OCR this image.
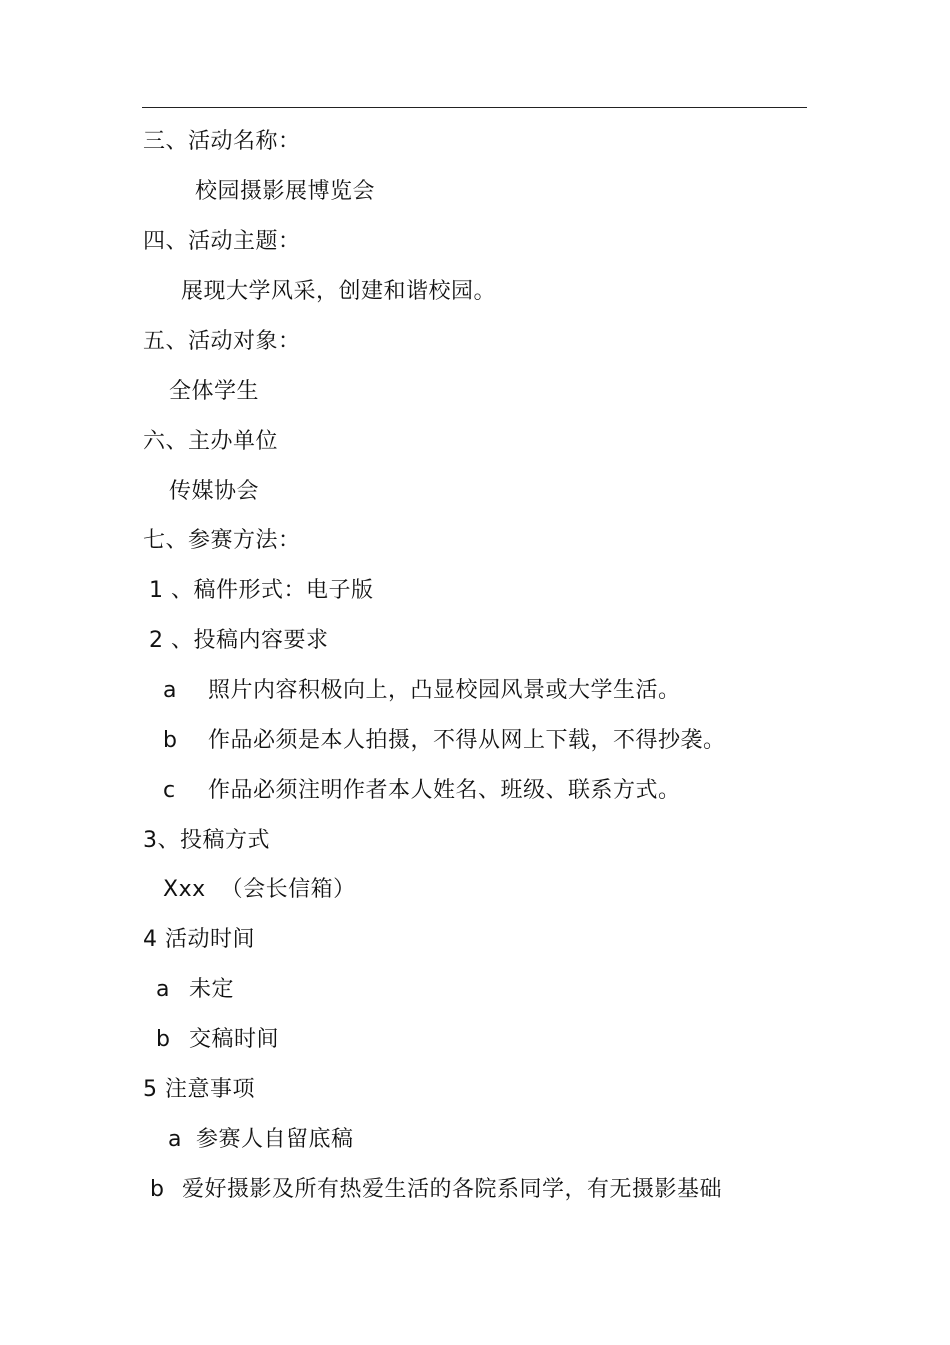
三、活动名称：
校园摄影展博览会
四、活动主题：
展现大学风采，创建和谐校园。
五、活动对象：
全体学生
六、主办单位
传媒协会
七、参赛方法：
1 、稿件形式：电子版
2 、投稿内容要求
a 照片内容积极向上，凸显校园风景或大学生活。
b 作品必须是本人拍摄，不得从网上下载，不得抄袭。
c 作品必须注明作者本人姓名、班级、联系方式。
3、投稿方式
Xxx  （会长信箱）
4 活动时间
a 未定
b 交稿时间
5 注意事项
a 参赛人自留底稿
b 爱好摄影及所有热爱生活的各院系同学，有无摄影基础
